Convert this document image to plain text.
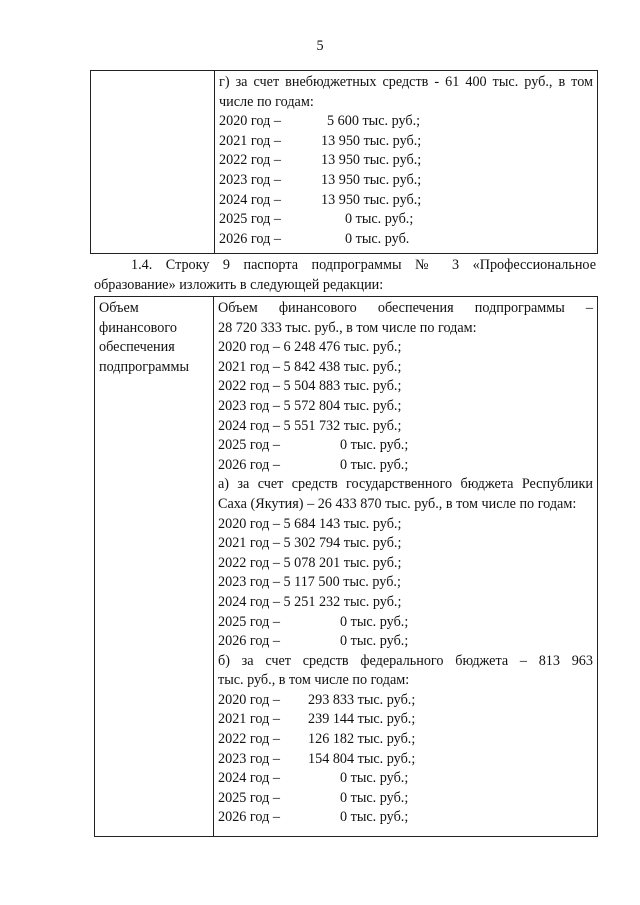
5

г) за счет внебюджетных средств - 61 400 тыс. руб., в том
числе по годам:
2020 год –	5 600 тыс. руб.;
2021 год –	13 950 тыс. руб.;
2022 год –	13 950 тыс. руб.;
2023 год –	13 950 тыс. руб.;
2024 год –	13 950 тыс. руб.;
2025 год –	0 тыс. руб.;
2026 год –	0 тыс. руб.
1.4. Строку 9 паспорта подпрограммы № 3 «Профессиональное
образование» изложить в следующей редакции:
Объем
финансового
обеспечения
подпрограммы

Объем финансового обеспечения подпрограммы –
28 720 333 тыс. руб., в том числе по годам:
2020 год –
6 248 476 тыс. руб.;
2021 год –
5 842 438 тыс. руб.;
2022 год –
5 504 883 тыс. руб.;
2023 год –
5 572 804 тыс. руб.;
2024 год –
5 551 732 тыс. руб.;
2025 год –	0 тыс. руб.;
2026 год –	0 тыс. руб.;
а) за счет средств государственного бюджета Республики
Саха (Якутия) – 26 433 870 тыс. руб., в том числе по годам:
2020 год –
5 684 143 тыс. руб.;
2021 год –
5 302 794 тыс. руб.;
2022 год –
5 078 201 тыс. руб.;
2023 год –
5 117 500 тыс. руб.;
2024 год –
5 251 232 тыс. руб.;
2025 год –	0 тыс. руб.;
2026 год –	0 тыс. руб.;
б) за счет средств федерального бюджета – 813 963
тыс. руб., в том числе по годам:
2020 год –	293 833 тыс. руб.;
2021 год –	239 144 тыс. руб.;
2022 год –	126 182 тыс. руб.;
2023 год –	154 804 тыс. руб.;
2024 год –	0 тыс. руб.;
2025 год –	0 тыс. руб.;
2026 год –	0 тыс. руб.;
